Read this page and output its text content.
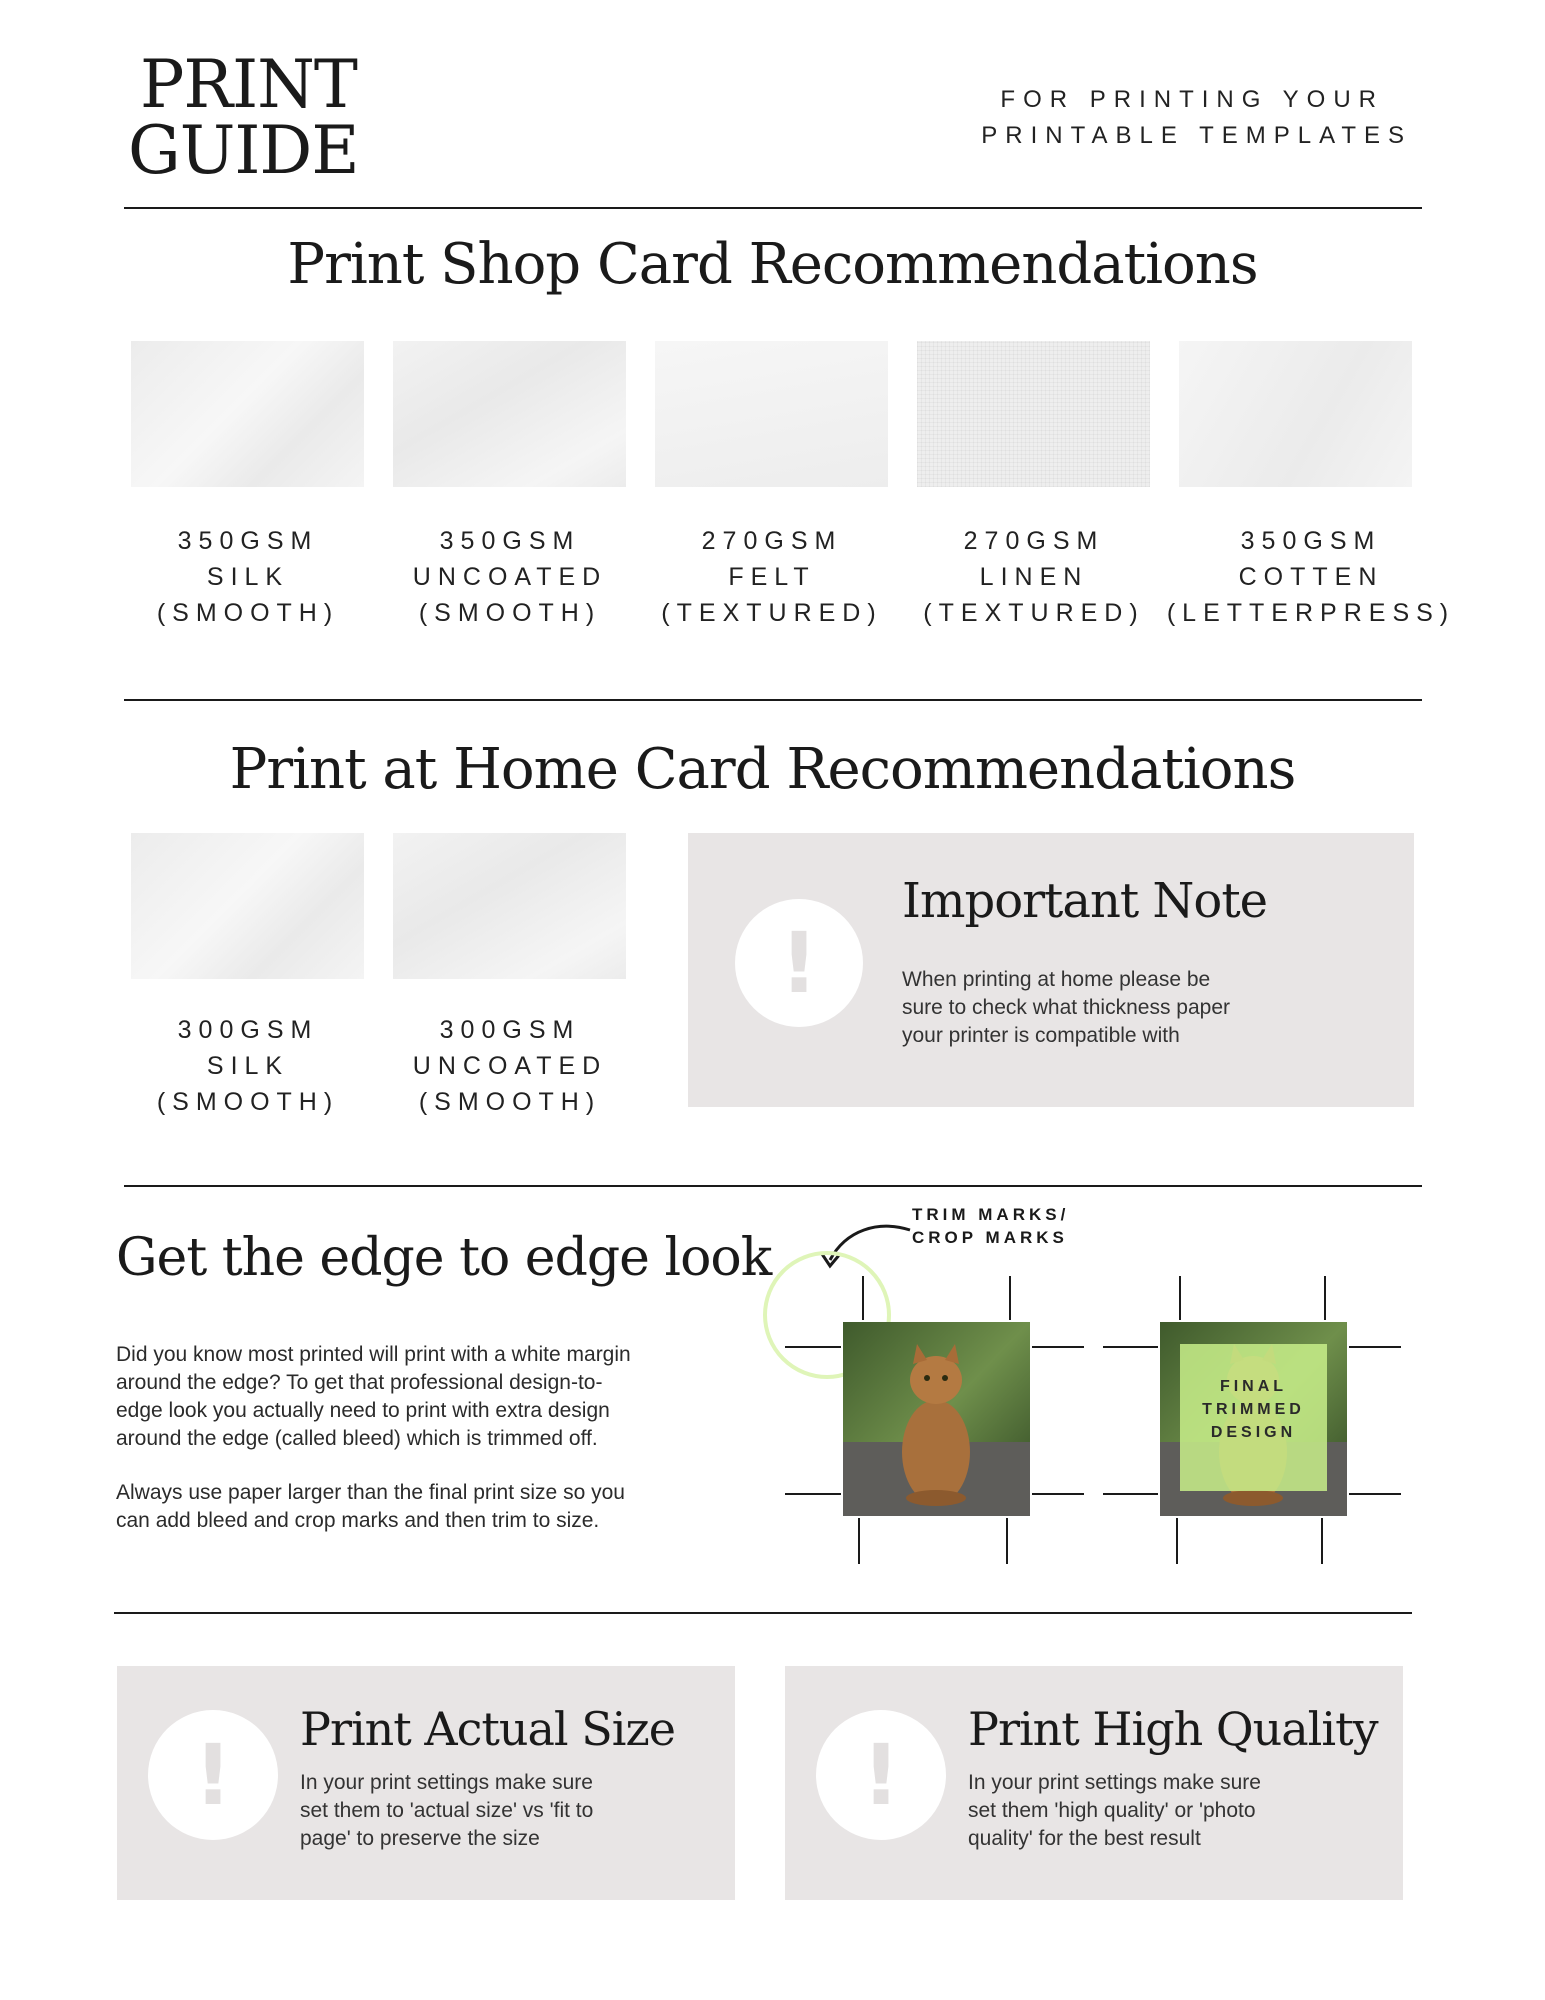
PRINT
GUIDE
FOR PRINTING YOUR
PRINTABLE TEMPLATES
Print Shop Card Recommendations
350GSM
SILK
(SMOOTH)
350GSM
UNCOATED
(SMOOTH)
270GSM
FELT
(TEXTURED)
270GSM
LINEN
(TEXTURED)
350GSM
COTTEN
(LETTERPRESS)
Print at Home Card Recommendations
300GSM
SILK
(SMOOTH)
300GSM
UNCOATED
(SMOOTH)
!
Important Note
When printing at home please be
sure to check what thickness paper
your printer is compatible with
Get the edge to edge look
Did you know most printed will print with a white margin
around the edge? To get that professional design-to-
edge look you actually need to print with extra design
around the edge (called bleed) which is trimmed off.
Always use paper larger than the final print size so you
can add bleed and crop marks and then trim to size.
TRIM MARKS/
CROP MARKS
FINAL
TRIMMED
DESIGN
! Print Actual Size
In your print settings make sure
set them to 'actual size' vs 'fit to
page' to preserve the size
! Print High Quality
In your print settings make sure
set them 'high quality' or 'photo
quality' for the best result
